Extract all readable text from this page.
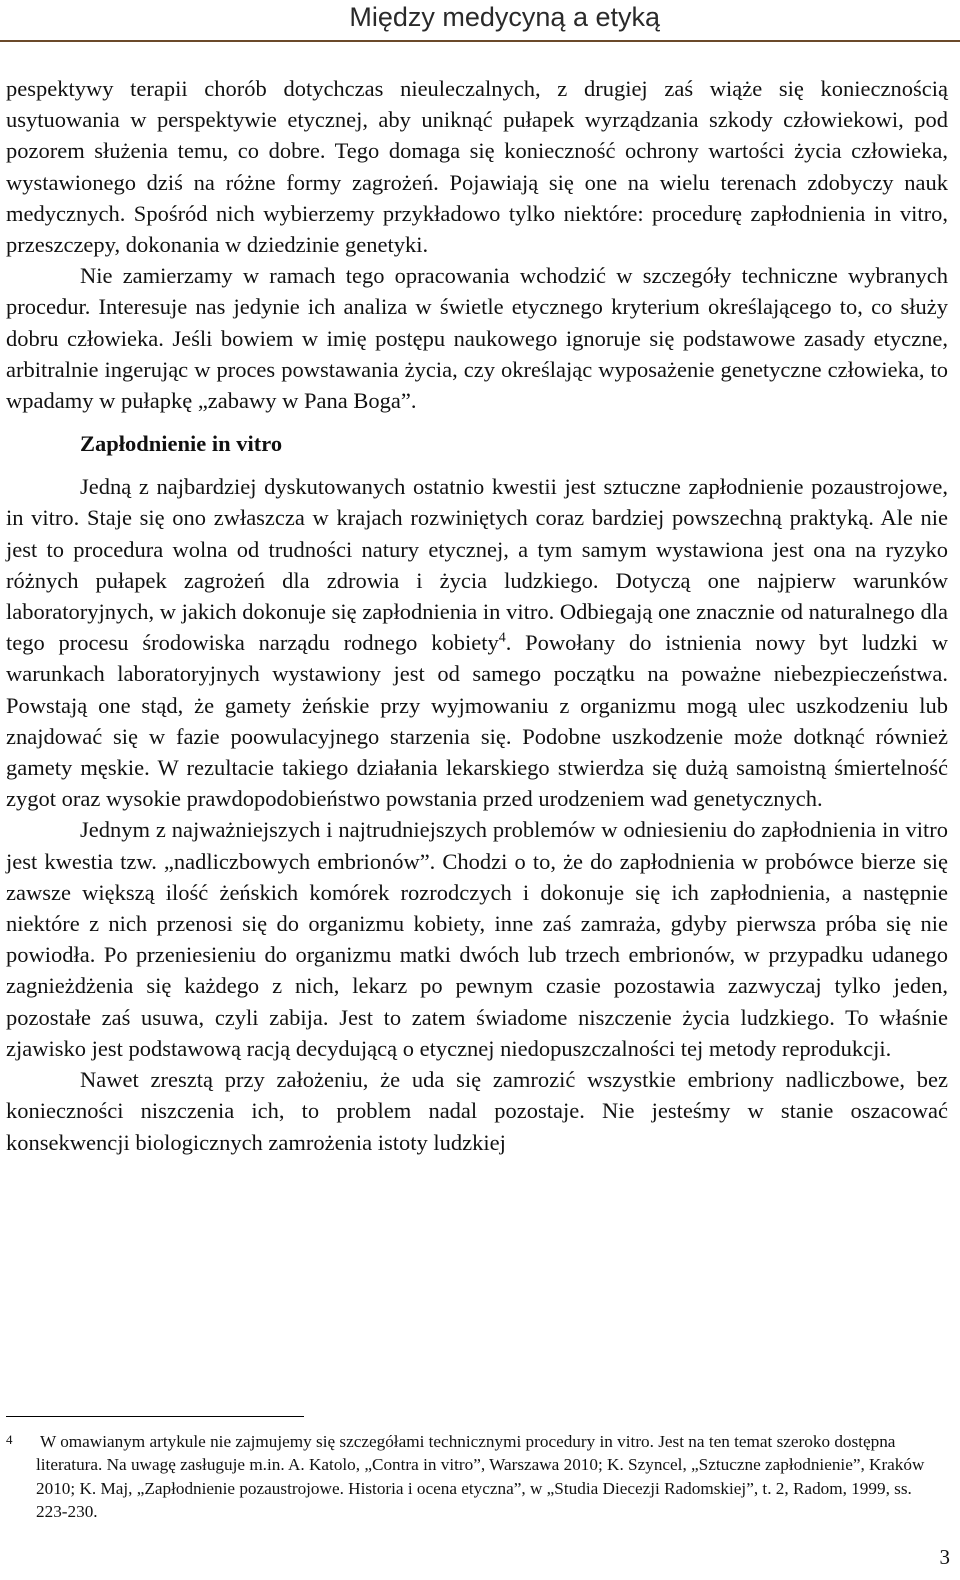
Między medycyną a etyką

pespektywy terapii chorób dotychczas nieuleczalnych, z drugiej zaś wiąże się koniecznością usytuowania w perspektywie etycznej, aby uniknąć pułapek wyrządzania szkody człowiekowi, pod pozorem służenia temu, co dobre. Tego domaga się konieczność ochrony wartości życia człowieka, wystawionego dziś na różne formy zagrożeń. Pojawiają się one na wielu terenach zdobyczy nauk medycznych. Spośród nich wybierzemy przykładowo tylko niektóre: procedurę zapłodnienia in vitro, przeszczepy, dokonania w dziedzinie genetyki.

Nie zamierzamy w ramach tego opracowania wchodzić w szczegóły techniczne wybranych procedur. Interesuje nas jedynie ich analiza w świetle etycznego kryterium określającego to, co służy dobru człowieka. Jeśli bowiem w imię postępu naukowego ignoruje się podstawowe zasady etyczne, arbitralnie ingerując w proces powstawania życia, czy określając wyposażenie genetyczne człowieka, to wpadamy w pułapkę „zabawy w Pana Boga”.

Zapłodnienie in vitro

Jedną z najbardziej dyskutowanych ostatnio kwestii jest sztuczne zapłodnienie pozaustrojowe, in vitro. Staje się ono zwłaszcza w krajach rozwiniętych coraz bardziej powszechną praktyką. Ale nie jest to procedura wolna od trudności natury etycznej, a tym samym wystawiona jest ona na ryzyko różnych pułapek zagrożeń dla zdrowia i życia ludzkiego. Dotyczą one najpierw warunków laboratoryjnych, w jakich dokonuje się zapłodnienia in vitro. Odbiegają one znacznie od naturalnego dla tego procesu środowiska narządu rodnego kobiety$^4$. Powołany do istnienia nowy byt ludzki w warunkach laboratoryjnych wystawiony jest od samego początku na poważne niebezpieczeństwa. Powstają one stąd, że gamety żeńskie przy wyjmowaniu z organizmu mogą ulec uszkodzeniu lub znajdować się w fazie poowulacyjnego starzenia się. Podobne uszkodzenie może dotknąć również gamety męskie. W rezultacie takiego działania lekarskiego stwierdza się dużą samoistną śmiertelność zygot oraz wysokie prawdopodobieństwo powstania przed urodzeniem wad genetycznych.

Jednym z najważniejszych i najtrudniejszych problemów w odniesieniu do zapłodnienia in vitro jest kwestia tzw. „nadliczbowych embrionów”. Chodzi o to, że do zapłodnienia w probówce bierze się zawsze większą ilość żeńskich komórek rozrodczych i dokonuje się ich zapłodnienia, a następnie niektóre z nich przenosi się do organizmu kobiety, inne zaś zamraża, gdyby pierwsza próba się nie powiodła. Po przeniesieniu do organizmu matki dwóch lub trzech embrionów, w przypadku udanego zagnieżdżenia się każdego z nich, lekarz po pewnym czasie pozostawia zazwyczaj tylko jeden, pozostałe zaś usuwa, czyli zabija. Jest to zatem świadome niszczenie życia ludzkiego. To właśnie zjawisko jest podstawową racją decydującą o etycznej niedopuszczalności tej metody reprodukcji.

Nawet zresztą przy założeniu, że uda się zamrozić wszystkie embriony nadliczbowe, bez konieczności niszczenia ich, to problem nadal pozostaje. Nie jesteśmy w stanie oszacować konsekwencji biologicznych zamrożenia istoty ludzkiej

4	W omawianym artykule nie zajmujemy się szczegółami technicznymi procedury in vitro. Jest na ten temat szeroko dostępna literatura. Na uwagę zasługuje m.in. A. Katolo, „Contra in vitro”, Warszawa 2010; K. Szyncel, „Sztuczne zapłodnienie”, Kraków 2010; K. Maj, „Zapłodnienie pozaustrojowe. Historia i ocena etyczna”, w „Studia Diecezji Radomskiej”, t. 2, Radom, 1999, ss. 223-230.
3
